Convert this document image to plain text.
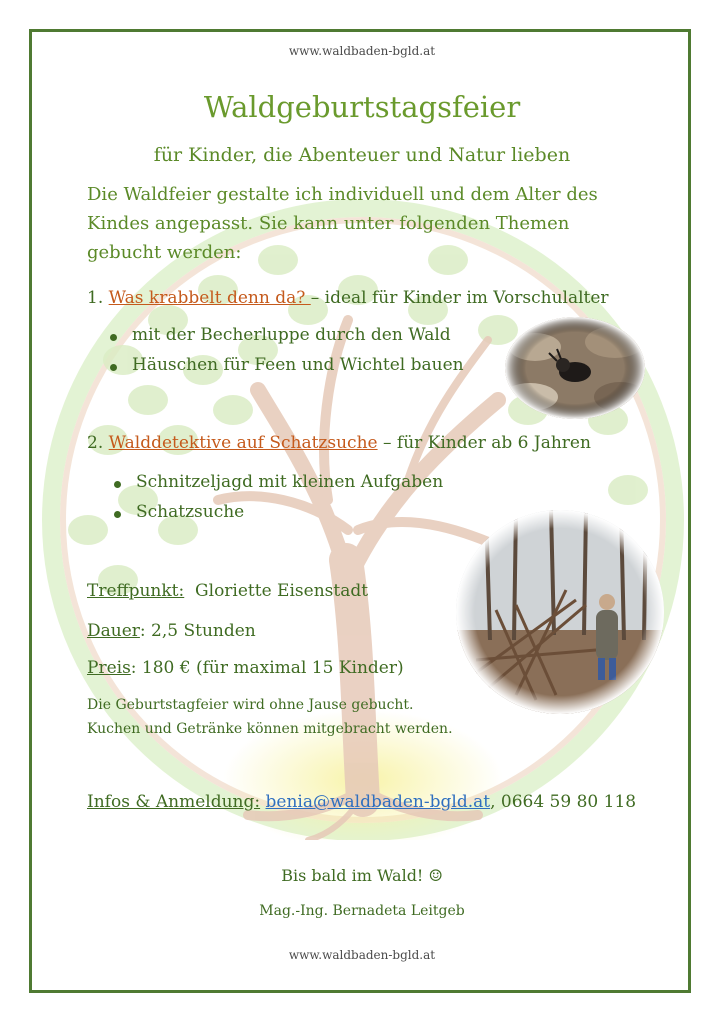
www.waldbaden-bgld.at
Waldgeburtstagsfeier
für Kinder, die Abenteuer und Natur lieben
Die Waldfeier gestalte ich individuell und dem Alter des Kindes angepasst. Sie kann unter folgenden Themen gebucht werden:
1. Was krabbelt denn da? – ideal für Kinder im Vorschulalter
mit der Becherluppe durch den Wald
Häuschen für Feen und Wichtel bauen
2. Walddetektive auf Schatzsuche – für Kinder ab 6 Jahren
Schnitzeljagd mit kleinen Aufgaben
Schatzsuche
Treffpunkt:  Gloriette Eisenstadt
Dauer: 2,5 Stunden
Preis: 180 € (für maximal 15 Kinder)
Die Geburtstagfeier wird ohne Jause gebucht.
Kuchen und Getränke können mitgebracht werden.
Infos & Anmeldung: benia@waldbaden-bgld.at, 0664 59 80 118
Bis bald im Wald! ☺
Mag.-Ing. Bernadeta Leitgeb
www.waldbaden-bgld.at
